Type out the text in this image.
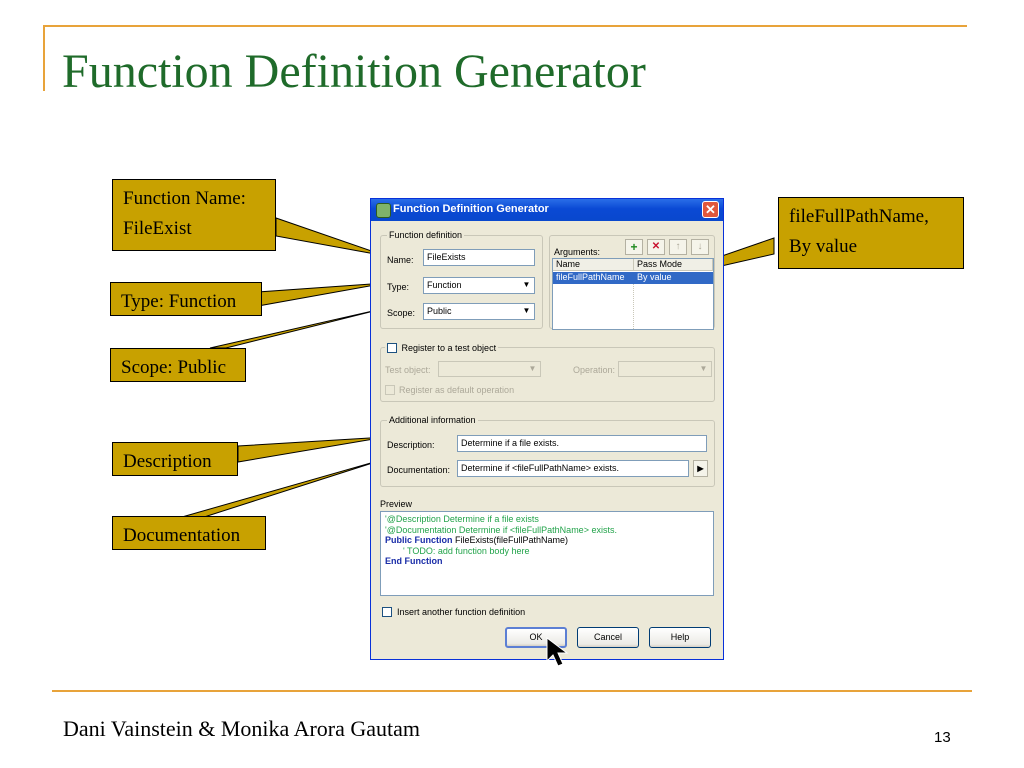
Function Definition Generator
Function Name:
FileExist
Type: Function
Scope: Public
Description
Documentation
fileFullPathName,
By value
Function Definition Generator	✕
Function definition
Name:	FileExists
Type:	Function	▼
Scope:	Public	▼
Arguments:	+	✕	↑	↓
Name	Pass Mode
fileFullPathName	By value
Register to a test object
Test object:	▼	Operation:	▼
Register as default operation
Additional information
Description:	Determine if a file exists.
Documentation:	Determine if <fileFullPathName> exists.	▶
Preview
'@Description Determine if a file exists
'@Documentation Determine if <fileFullPathName> exists.
Public Function FileExists(fileFullPathName)
' TODO: add function body here
End Function
Insert another function definition
OK	Cancel	Help
Dani Vainstein & Monika Arora Gautam	13
